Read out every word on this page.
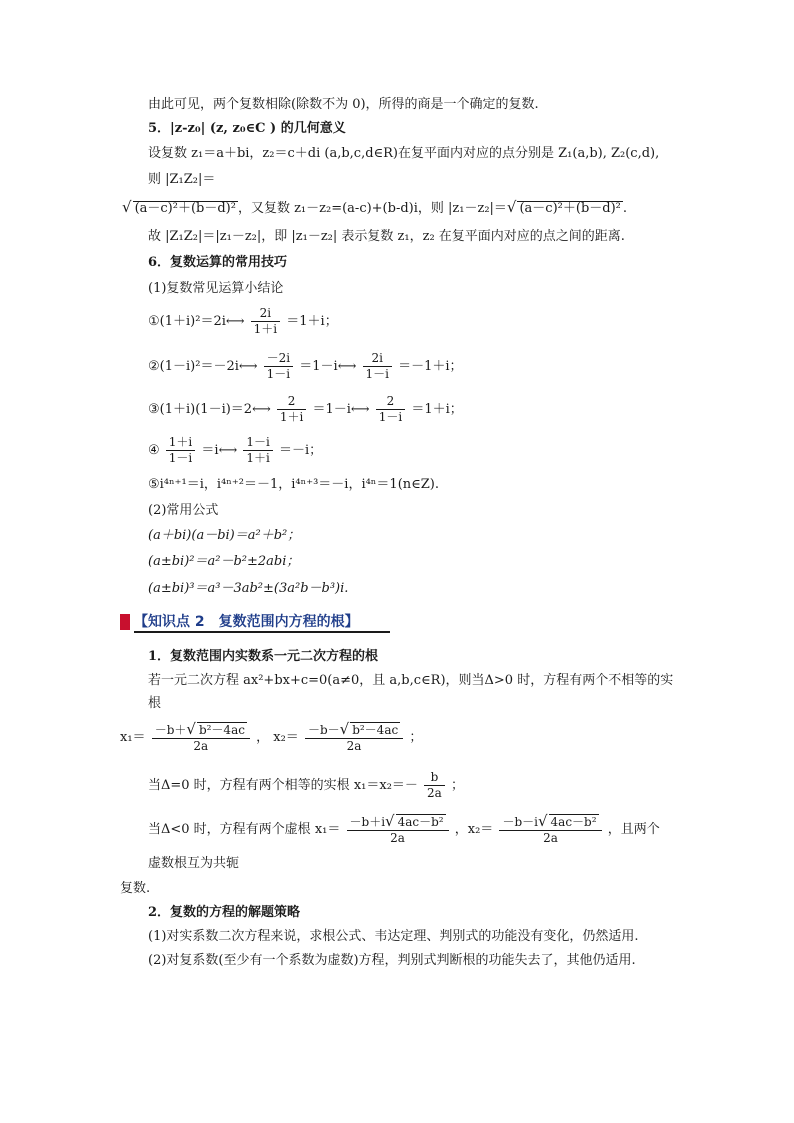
由此可见，两个复数相除(除数不为 0)，所得的商是一个确定的复数.
5．|z-z₀| (z, z₀∈C ) 的几何意义
设复数 z₁＝a＋bi，z₂＝c＋di (a,b,c,d∈R)在复平面内对应的点分别是 Z₁(a,b), Z₂(c,d),
则 |Z₁Z₂|＝
√ (a－c)²＋(b－d)² ，又复数 z₁－z₂=(a-c)+(b-d)i，则 |z₁－z₂|＝√ (a－c)²＋(b－d)² .
故 |Z₁Z₂|＝|z₁－z₂|，即 |z₁－z₂| 表示复数 z₁，z₂ 在复平面内对应的点之间的距离.
6．复数运算的常用技巧
(1)复数常见运算小结论
①(1＋i)²＝2i⟷ $\frac{2i}{1+i} =1+i$；
②(1－i)²＝－2i⟷ $\frac{-2i}{1-i}$ ＝1－i⟷ $\frac{2i}{1-i} =-1+i$；
③(1＋i)(1－i)＝2⟷ $\frac{2}{1+i}$ ＝1－i⟷ $\frac{2}{1-i} =1+i$；
④ $\frac{1+i}{1-i}$ ＝i⟷ $\frac{1-i}{1+i} =-i$；
⑤i⁴ⁿ⁺¹＝i，i⁴ⁿ⁺²＝－1，i⁴ⁿ⁺³＝－i，i⁴ⁿ＝1(n∈Z).
(2)常用公式
(a＋bi)(a－bi)＝a²＋b²；
(a±bi)²＝a²－b²±2abi；
(a±bi)³＝a³－3ab²±(3a²b－b³)i.
【知识点 2　复数范围内方程的根】
1．复数范围内实数系一元二次方程的根
若一元二次方程 ax²+bx+c=0(a≠0，且 a,b,c∈R)，则当Δ>0 时，方程有两个不相等的实
根
$x_1= \frac{\text{－b＋√ b²－4ac}}{2a}$ ， $x_2= \frac{\text{－b－√ b²－4ac}}{2a}$ ；
当Δ=0 时，方程有两个相等的实根 $x_1=x_2=- \frac{b}{2a}$ ；
当Δ<0 时，方程有两个虚根 $x_1= \frac{\text{－b＋i√ 4ac－b²}}{2a}$ ，$x_2= \frac{\text{－b－i√ 4ac－b²}}{2a}$ ，且两个
虚数根互为共轭
复数.
2．复数的方程的解题策略
(1)对实系数二次方程来说，求根公式、韦达定理、判别式的功能没有变化，仍然适用.
(2)对复系数(至少有一个系数为虚数)方程，判别式判断根的功能失去了，其他仍适用.
